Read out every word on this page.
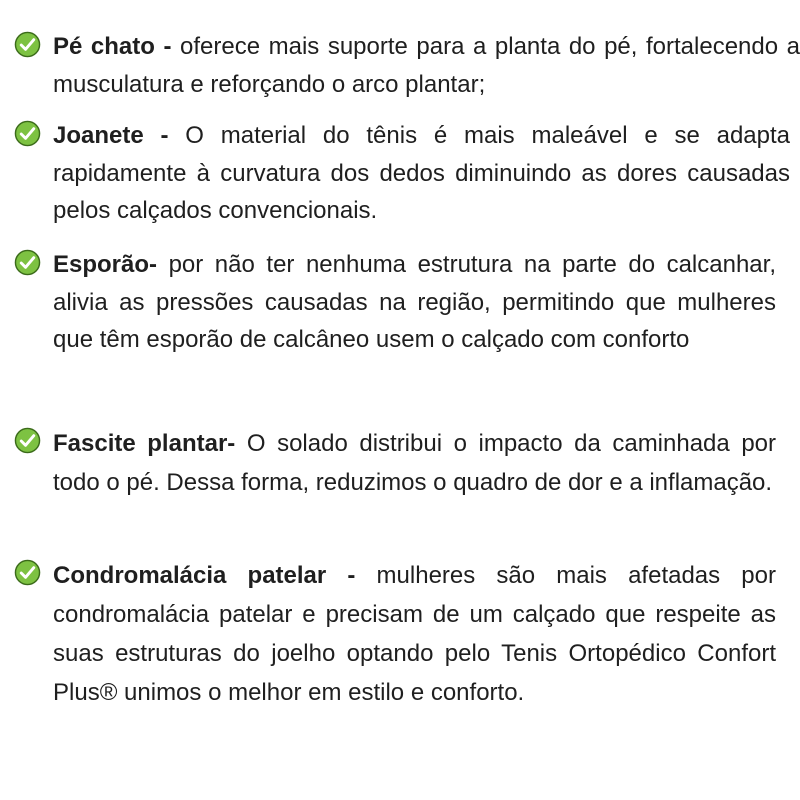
Pé chato - oferece mais suporte para a planta do pé, fortalecendo a musculatura e reforçando o arco plantar;
Joanete - O material do tênis é mais maleável e se adapta rapidamente à curvatura dos dedos diminuindo as dores causadas pelos calçados convencionais.
Esporão- por não ter nenhuma estrutura na parte do calcanhar, alivia as pressões causadas na região, permitindo que mulheres que têm esporão de calcâneo usem o calçado com conforto
Fascite plantar- O solado distribui o impacto da caminhada por todo o pé. Dessa forma, reduzimos o quadro de dor e a inflamação.
Condromalácia patelar - mulheres são mais afetadas por condromalácia patelar e precisam de um calçado que respeite as suas estruturas do joelho optando pelo Tenis Ortopédico Confort Plus® unimos o melhor em estilo e conforto.
